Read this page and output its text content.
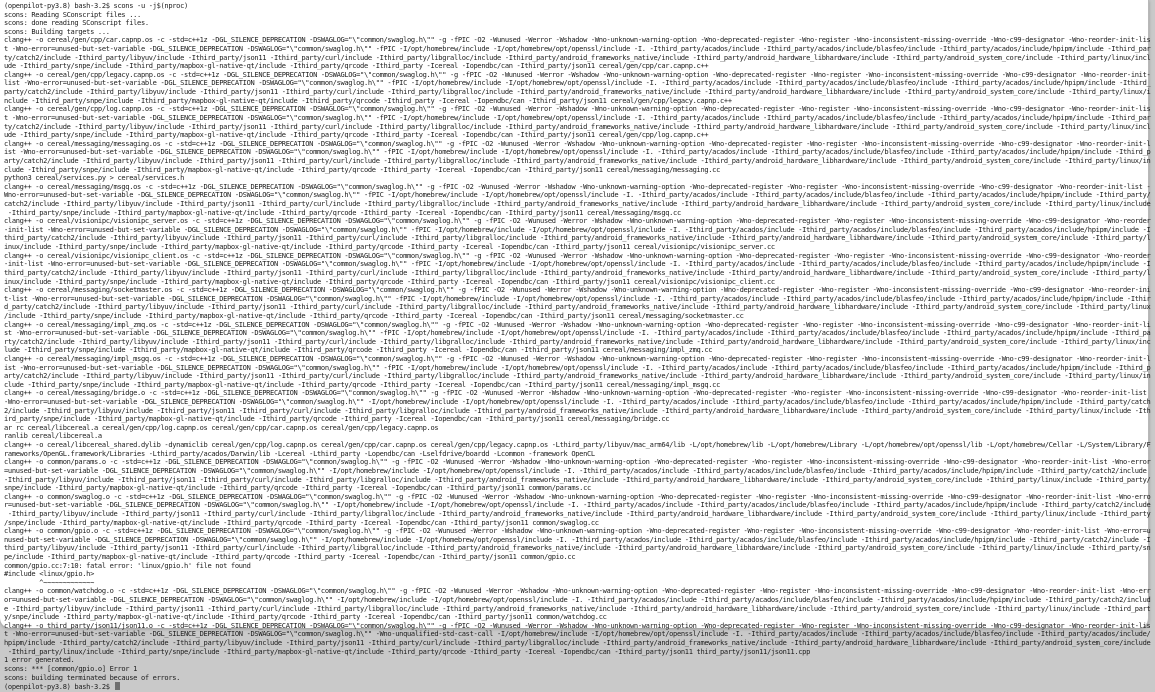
(openpilot-py3.8) bash-3.2$ scons -u -j$(nproc)
scons: Reading SConscript files ...
scons: done reading SConscript files.
scons: Building targets ...
clang++ -o cereal/gen/cpp/car.capnp.os -c -std=c++1z -DGL_SILENCE_DEPRECATION -DSWAGLOG="\"common/swaglog.h\"" -g -fPIC -O2 -Wunused -Werror -Wshadow -Wno-unknown-warning-option -Wno-deprecated-register -Wno-register -Wno-inconsistent-missing-override -Wno-c99-designator -Wno-reorder-init-lis
t -Wno-error=unused-but-set-variable -DGL_SILENCE_DEPRECATION -DSWAGLOG="\"common/swaglog.h\"" -fPIC -I/opt/homebrew/include -I/opt/homebrew/opt/openssl/include -I. -Ithird_party/acados/include -Ithird_party/acados/include/blasfeo/include -Ithird_party/acados/include/hpipm/include -Ithird_par
ty/catch2/include -Ithird_party/libyuv/include -Ithird_party/json11 -Ithird_party/curl/include -Ithird_party/libgralloc/include -Ithird_party/android_frameworks_native/include -Ithird_party/android_hardware_libhardware/include -Ithird_party/android_system_core/include -Ithird_party/linux/incl
ude -Ithird_party/snpe/include -Ithird_party/mapbox-gl-native-qt/include -Ithird_party/qrcode -Ithird_party -Icereal -Iopendbc/can -Ithird_party/json11 cereal/gen/cpp/car.capnp.c++
clang++ -o cereal/gen/cpp/legacy.capnp.os -c -std=c++1z -DGL_SILENCE_DEPRECATION -DSWAGLOG="\"common/swaglog.h\"" -g -fPIC -O2 -Wunused -Werror -Wshadow -Wno-unknown-warning-option -Wno-deprecated-register -Wno-register -Wno-inconsistent-missing-override -Wno-c99-designator -Wno-reorder-init-
list -Wno-error=unused-but-set-variable -DGL_SILENCE_DEPRECATION -DSWAGLOG="\"common/swaglog.h\"" -fPIC -I/opt/homebrew/include -I/opt/homebrew/opt/openssl/include -I. -Ithird_party/acados/include -Ithird_party/acados/include/blasfeo/include -Ithird_party/acados/include/hpipm/include -Ithird_
party/catch2/include -Ithird_party/libyuv/include -Ithird_party/json11 -Ithird_party/curl/include -Ithird_party/libgralloc/include -Ithird_party/android_frameworks_native/include -Ithird_party/android_hardware_libhardware/include -Ithird_party/android_system_core/include -Ithird_party/linux/i
nclude -Ithird_party/snpe/include -Ithird_party/mapbox-gl-native-qt/include -Ithird_party/qrcode -Ithird_party -Icereal -Iopendbc/can -Ithird_party/json11 cereal/gen/cpp/legacy.capnp.c++
clang++ -o cereal/gen/cpp/log.capnp.os -c -std=c++1z -DGL_SILENCE_DEPRECATION -DSWAGLOG="\"common/swaglog.h\"" -g -fPIC -O2 -Wunused -Werror -Wshadow -Wno-unknown-warning-option -Wno-deprecated-register -Wno-register -Wno-inconsistent-missing-override -Wno-c99-designator -Wno-reorder-init-lis
t -Wno-error=unused-but-set-variable -DGL_SILENCE_DEPRECATION -DSWAGLOG="\"common/swaglog.h\"" -fPIC -I/opt/homebrew/include -I/opt/homebrew/opt/openssl/include -I. -Ithird_party/acados/include -Ithird_party/acados/include/blasfeo/include -Ithird_party/acados/include/hpipm/include -Ithird_par
ty/catch2/include -Ithird_party/libyuv/include -Ithird_party/json11 -Ithird_party/curl/include -Ithird_party/libgralloc/include -Ithird_party/android_frameworks_native/include -Ithird_party/android_hardware_libhardware/include -Ithird_party/android_system_core/include -Ithird_party/linux/incl
ude -Ithird_party/snpe/include -Ithird_party/mapbox-gl-native-qt/include -Ithird_party/qrcode -Ithird_party -Icereal -Iopendbc/can -Ithird_party/json11 cereal/gen/cpp/log.capnp.c++
clang++ -o cereal/messaging/messaging.os -c -std=c++1z -DGL_SILENCE_DEPRECATION -DSWAGLOG="\"common/swaglog.h\"" -g -fPIC -O2 -Wunused -Werror -Wshadow -Wno-unknown-warning-option -Wno-deprecated-register -Wno-register -Wno-inconsistent-missing-override -Wno-c99-designator -Wno-reorder-init-l
ist -Wno-error=unused-but-set-variable -DGL_SILENCE_DEPRECATION -DSWAGLOG="\"common/swaglog.h\"" -fPIC -I/opt/homebrew/include -I/opt/homebrew/opt/openssl/include -I. -Ithird_party/acados/include -Ithird_party/acados/include/blasfeo/include -Ithird_party/acados/include/hpipm/include -Ithird_p
arty/catch2/include -Ithird_party/libyuv/include -Ithird_party/json11 -Ithird_party/curl/include -Ithird_party/libgralloc/include -Ithird_party/android_frameworks_native/include -Ithird_party/android_hardware_libhardware/include -Ithird_party/android_system_core/include -Ithird_party/linux/in
clude -Ithird_party/snpe/include -Ithird_party/mapbox-gl-native-qt/include -Ithird_party/qrcode -Ithird_party -Icereal -Iopendbc/can -Ithird_party/json11 cereal/messaging/messaging.cc
python3 cereal/services.py > cereal/services.h
clang++ -o cereal/messaging/msgq.os -c -std=c++1z -DGL_SILENCE_DEPRECATION -DSWAGLOG="\"common/swaglog.h\"" -g -fPIC -O2 -Wunused -Werror -Wshadow -Wno-unknown-warning-option -Wno-deprecated-register -Wno-register -Wno-inconsistent-missing-override -Wno-c99-designator -Wno-reorder-init-list -
Wno-error=unused-but-set-variable -DGL_SILENCE_DEPRECATION -DSWAGLOG="\"common/swaglog.h\"" -fPIC -I/opt/homebrew/include -I/opt/homebrew/opt/openssl/include -I. -Ithird_party/acados/include -Ithird_party/acados/include/blasfeo/include -Ithird_party/acados/include/hpipm/include -Ithird_party/
catch2/include -Ithird_party/libyuv/include -Ithird_party/json11 -Ithird_party/curl/include -Ithird_party/libgralloc/include -Ithird_party/android_frameworks_native/include -Ithird_party/android_hardware_libhardware/include -Ithird_party/android_system_core/include -Ithird_party/linux/include
-Ithird_party/snpe/include -Ithird_party/mapbox-gl-native-qt/include -Ithird_party/qrcode -Ithird_party -Icereal -Iopendbc/can -Ithird_party/json11 cereal/messaging/msgq.cc
clang++ -o cereal/visionipc/visionipc_server.os -c -std=c++1z -DGL_SILENCE_DEPRECATION -DSWAGLOG="\"common/swaglog.h\"" -g -fPIC -O2 -Wunused -Werror -Wshadow -Wno-unknown-warning-option -Wno-deprecated-register -Wno-register -Wno-inconsistent-missing-override -Wno-c99-designator -Wno-reorder
-init-list -Wno-error=unused-but-set-variable -DGL_SILENCE_DEPRECATION -DSWAGLOG="\"common/swaglog.h\"" -fPIC -I/opt/homebrew/include -I/opt/homebrew/opt/openssl/include -I. -Ithird_party/acados/include -Ithird_party/acados/include/blasfeo/include -Ithird_party/acados/include/hpipm/include -I
third_party/catch2/include -Ithird_party/libyuv/include -Ithird_party/json11 -Ithird_party/curl/include -Ithird_party/libgralloc/include -Ithird_party/android_frameworks_native/include -Ithird_party/android_hardware_libhardware/include -Ithird_party/android_system_core/include -Ithird_party/l
inux/include -Ithird_party/snpe/include -Ithird_party/mapbox-gl-native-qt/include -Ithird_party/qrcode -Ithird_party -Icereal -Iopendbc/can -Ithird_party/json11 cereal/visionipc/visionipc_server.cc
clang++ -o cereal/visionipc/visionipc_client.os -c -std=c++1z -DGL_SILENCE_DEPRECATION -DSWAGLOG="\"common/swaglog.h\"" -g -fPIC -O2 -Wunused -Werror -Wshadow -Wno-unknown-warning-option -Wno-deprecated-register -Wno-register -Wno-inconsistent-missing-override -Wno-c99-designator -Wno-reorder
-init-list -Wno-error=unused-but-set-variable -DGL_SILENCE_DEPRECATION -DSWAGLOG="\"common/swaglog.h\"" -fPIC -I/opt/homebrew/include -I/opt/homebrew/opt/openssl/include -I. -Ithird_party/acados/include -Ithird_party/acados/include/blasfeo/include -Ithird_party/acados/include/hpipm/include -I
third_party/catch2/include -Ithird_party/libyuv/include -Ithird_party/json11 -Ithird_party/curl/include -Ithird_party/libgralloc/include -Ithird_party/android_frameworks_native/include -Ithird_party/android_hardware_libhardware/include -Ithird_party/android_system_core/include -Ithird_party/l
inux/include -Ithird_party/snpe/include -Ithird_party/mapbox-gl-native-qt/include -Ithird_party/qrcode -Ithird_party -Icereal -Iopendbc/can -Ithird_party/json11 cereal/visionipc/visionipc_client.cc
clang++ -o cereal/messaging/socketmaster.os -c -std=c++1z -DGL_SILENCE_DEPRECATION -DSWAGLOG="\"common/swaglog.h\"" -g -fPIC -O2 -Wunused -Werror -Wshadow -Wno-unknown-warning-option -Wno-deprecated-register -Wno-register -Wno-inconsistent-missing-override -Wno-c99-designator -Wno-reorder-ini
t-list -Wno-error=unused-but-set-variable -DGL_SILENCE_DEPRECATION -DSWAGLOG="\"common/swaglog.h\"" -fPIC -I/opt/homebrew/include -I/opt/homebrew/opt/openssl/include -I. -Ithird_party/acados/include -Ithird_party/acados/include/blasfeo/include -Ithird_party/acados/include/hpipm/include -Ithir
d_party/catch2/include -Ithird_party/libyuv/include -Ithird_party/json11 -Ithird_party/curl/include -Ithird_party/libgralloc/include -Ithird_party/android_frameworks_native/include -Ithird_party/android_hardware_libhardware/include -Ithird_party/android_system_core/include -Ithird_party/linux
/include -Ithird_party/snpe/include -Ithird_party/mapbox-gl-native-qt/include -Ithird_party/qrcode -Ithird_party -Icereal -Iopendbc/can -Ithird_party/json11 cereal/messaging/socketmaster.cc
clang++ -o cereal/messaging/impl_zmq.os -c -std=c++1z -DGL_SILENCE_DEPRECATION -DSWAGLOG="\"common/swaglog.h\"" -g -fPIC -O2 -Wunused -Werror -Wshadow -Wno-unknown-warning-option -Wno-deprecated-register -Wno-register -Wno-inconsistent-missing-override -Wno-c99-designator -Wno-reorder-init-li
st -Wno-error=unused-but-set-variable -DGL_SILENCE_DEPRECATION -DSWAGLOG="\"common/swaglog.h\"" -fPIC -I/opt/homebrew/include -I/opt/homebrew/opt/openssl/include -I. -Ithird_party/acados/include -Ithird_party/acados/include/blasfeo/include -Ithird_party/acados/include/hpipm/include -Ithird_pa
rty/catch2/include -Ithird_party/libyuv/include -Ithird_party/json11 -Ithird_party/curl/include -Ithird_party/libgralloc/include -Ithird_party/android_frameworks_native/include -Ithird_party/android_hardware_libhardware/include -Ithird_party/android_system_core/include -Ithird_party/linux/inc
lude -Ithird_party/snpe/include -Ithird_party/mapbox-gl-native-qt/include -Ithird_party/qrcode -Ithird_party -Icereal -Iopendbc/can -Ithird_party/json11 cereal/messaging/impl_zmq.cc
clang++ -o cereal/messaging/impl_msgq.os -c -std=c++1z -DGL_SILENCE_DEPRECATION -DSWAGLOG="\"common/swaglog.h\"" -g -fPIC -O2 -Wunused -Werror -Wshadow -Wno-unknown-warning-option -Wno-deprecated-register -Wno-register -Wno-inconsistent-missing-override -Wno-c99-designator -Wno-reorder-init-l
ist -Wno-error=unused-but-set-variable -DGL_SILENCE_DEPRECATION -DSWAGLOG="\"common/swaglog.h\"" -fPIC -I/opt/homebrew/include -I/opt/homebrew/opt/openssl/include -I. -Ithird_party/acados/include -Ithird_party/acados/include/blasfeo/include -Ithird_party/acados/include/hpipm/include -Ithird_p
arty/catch2/include -Ithird_party/libyuv/include -Ithird_party/json11 -Ithird_party/curl/include -Ithird_party/libgralloc/include -Ithird_party/android_frameworks_native/include -Ithird_party/android_hardware_libhardware/include -Ithird_party/android_system_core/include -Ithird_party/linux/in
clude -Ithird_party/snpe/include -Ithird_party/mapbox-gl-native-qt/include -Ithird_party/qrcode -Ithird_party -Icereal -Iopendbc/can -Ithird_party/json11 cereal/messaging/impl_msgq.cc
clang++ -o cereal/messaging/bridge.o -c -std=c++1z -DGL_SILENCE_DEPRECATION -DSWAGLOG="\"common/swaglog.h\"" -g -fPIC -O2 -Wunused -Werror -Wshadow -Wno-unknown-warning-option -Wno-deprecated-register -Wno-register -Wno-inconsistent-missing-override -Wno-c99-designator -Wno-reorder-init-list
-Wno-error=unused-but-set-variable -DGL_SILENCE_DEPRECATION -DSWAGLOG="\"common/swaglog.h\"" -I/opt/homebrew/include -I/opt/homebrew/opt/openssl/include -I. -Ithird_party/acados/include -Ithird_party/acados/include/blasfeo/include -Ithird_party/acados/include/hpipm/include -Ithird_party/catch
2/include -Ithird_party/libyuv/include -Ithird_party/json11 -Ithird_party/curl/include -Ithird_party/libgralloc/include -Ithird_party/android_frameworks_native/include -Ithird_party/android_hardware_libhardware/include -Ithird_party/android_system_core/include -Ithird_party/linux/include -Ith
ird_party/snpe/include -Ithird_party/mapbox-gl-native-qt/include -Ithird_party/qrcode -Ithird_party -Icereal -Iopendbc/can -Ithird_party/json11 cereal/messaging/bridge.cc
ar rc cereal/libcereal.a cereal/gen/cpp/log.capnp.os cereal/gen/cpp/car.capnp.os cereal/gen/cpp/legacy.capnp.os
ranlib cereal/libcereal.a
clang++ -o cereal/libcereal_shared.dylib -dynamiclib cereal/gen/cpp/log.capnp.os cereal/gen/cpp/car.capnp.os cereal/gen/cpp/legacy.capnp.os -Lthird_party/libyuv/mac_arm64/lib -L/opt/homebrew/lib -L/opt/homebrew/Library -L/opt/homebrew/opt/openssl/lib -L/opt/homebrew/Cellar -L/System/Library/F
rameworks/OpenGL.framework/Libraries -Lthird_party/acados/Darwin/lib -Lcereal -Lthird_party -Lopendbc/can -Lselfdrive/boardd -Lcommon -framework OpenCL
clang++ -o common/params.o -c -std=c++1z -DGL_SILENCE_DEPRECATION -DSWAGLOG="\"common/swaglog.h\"" -g -fPIC -O2 -Wunused -Werror -Wshadow -Wno-unknown-warning-option -Wno-deprecated-register -Wno-register -Wno-inconsistent-missing-override -Wno-c99-designator -Wno-reorder-init-list -Wno-error
=unused-but-set-variable -DGL_SILENCE_DEPRECATION -DSWAGLOG="\"common/swaglog.h\"" -I/opt/homebrew/include -I/opt/homebrew/opt/openssl/include -I. -Ithird_party/acados/include -Ithird_party/acados/include/blasfeo/include -Ithird_party/acados/include/hpipm/include -Ithird_party/catch2/include
-Ithird_party/libyuv/include -Ithird_party/json11 -Ithird_party/curl/include -Ithird_party/libgralloc/include -Ithird_party/android_frameworks_native/include -Ithird_party/android_hardware_libhardware/include -Ithird_party/android_system_core/include -Ithird_party/linux/include -Ithird_party/
snpe/include -Ithird_party/mapbox-gl-native-qt/include -Ithird_party/qrcode -Ithird_party -Icereal -Iopendbc/can -Ithird_party/json11 common/params.cc
clang++ -o common/swaglog.o -c -std=c++1z -DGL_SILENCE_DEPRECATION -DSWAGLOG="\"common/swaglog.h\"" -g -fPIC -O2 -Wunused -Werror -Wshadow -Wno-unknown-warning-option -Wno-deprecated-register -Wno-register -Wno-inconsistent-missing-override -Wno-c99-designator -Wno-reorder-init-list -Wno-erro
r=unused-but-set-variable -DGL_SILENCE_DEPRECATION -DSWAGLOG="\"common/swaglog.h\"" -I/opt/homebrew/include -I/opt/homebrew/opt/openssl/include -I. -Ithird_party/acados/include -Ithird_party/acados/include/blasfeo/include -Ithird_party/acados/include/hpipm/include -Ithird_party/catch2/include
-Ithird_party/libyuv/include -Ithird_party/json11 -Ithird_party/curl/include -Ithird_party/libgralloc/include -Ithird_party/android_frameworks_native/include -Ithird_party/android_hardware_libhardware/include -Ithird_party/android_system_core/include -Ithird_party/linux/include -Ithird_party
/snpe/include -Ithird_party/mapbox-gl-native-qt/include -Ithird_party/qrcode -Ithird_party -Icereal -Iopendbc/can -Ithird_party/json11 common/swaglog.cc
clang++ -o common/gpio.o -c -std=c++1z -DGL_SILENCE_DEPRECATION -DSWAGLOG="\"common/swaglog.h\"" -g -fPIC -O2 -Wunused -Werror -Wshadow -Wno-unknown-warning-option -Wno-deprecated-register -Wno-register -Wno-inconsistent-missing-override -Wno-c99-designator -Wno-reorder-init-list -Wno-error=u
nused-but-set-variable -DGL_SILENCE_DEPRECATION -DSWAGLOG="\"common/swaglog.h\"" -I/opt/homebrew/include -I/opt/homebrew/opt/openssl/include -I. -Ithird_party/acados/include -Ithird_party/acados/include/blasfeo/include -Ithird_party/acados/include/hpipm/include -Ithird_party/catch2/include -I
third_party/libyuv/include -Ithird_party/json11 -Ithird_party/curl/include -Ithird_party/libgralloc/include -Ithird_party/android_frameworks_native/include -Ithird_party/android_hardware_libhardware/include -Ithird_party/android_system_core/include -Ithird_party/linux/include -Ithird_party/sn
pe/include -Ithird_party/mapbox-gl-native-qt/include -Ithird_party/qrcode -Ithird_party -Icereal -Iopendbc/can -Ithird_party/json11 common/gpio.cc
common/gpio.cc:7:10: fatal error: 'linux/gpio.h' file not found
#include <linux/gpio.h>
^~~~~~~~~~~~~~
clang++ -o common/watchdog.o -c -std=c++1z -DGL_SILENCE_DEPRECATION -DSWAGLOG="\"common/swaglog.h\"" -g -fPIC -O2 -Wunused -Werror -Wshadow -Wno-unknown-warning-option -Wno-deprecated-register -Wno-register -Wno-inconsistent-missing-override -Wno-c99-designator -Wno-reorder-init-list -Wno-err
or=unused-but-set-variable -DGL_SILENCE_DEPRECATION -DSWAGLOG="\"common/swaglog.h\"" -I/opt/homebrew/include -I/opt/homebrew/opt/openssl/include -I. -Ithird_party/acados/include -Ithird_party/acados/include/blasfeo/include -Ithird_party/acados/include/hpipm/include -Ithird_party/catch2/includ
e -Ithird_party/libyuv/include -Ithird_party/json11 -Ithird_party/curl/include -Ithird_party/libgralloc/include -Ithird_party/android_frameworks_native/include -Ithird_party/android_hardware_libhardware/include -Ithird_party/android_system_core/include -Ithird_party/linux/include -Ithird_part
y/snpe/include -Ithird_party/mapbox-gl-native-qt/include -Ithird_party/qrcode -Ithird_party -Icereal -Iopendbc/can -Ithird_party/json11 common/watchdog.cc
clang++ -o third_party/json11/json11.o -c -std=c++1z -DGL_SILENCE_DEPRECATION -DSWAGLOG="\"common/swaglog.h\"" -g -fPIC -O2 -Wunused -Werror -Wshadow -Wno-unknown-warning-option -Wno-deprecated-register -Wno-register -Wno-inconsistent-missing-override -Wno-c99-designator -Wno-reorder-init-lis
t -Wno-error=unused-but-set-variable -DGL_SILENCE_DEPRECATION -DSWAGLOG="\"common/swaglog.h\"" -Wno-unqualified-std-cast-call -I/opt/homebrew/include -I/opt/homebrew/opt/openssl/include -I. -Ithird_party/acados/include -Ithird_party/acados/include/blasfeo/include -Ithird_party/acados/include/
hpipm/include -Ithird_party/catch2/include -Ithird_party/libyuv/include -Ithird_party/json11 -Ithird_party/curl/include -Ithird_party/libgralloc/include -Ithird_party/android_frameworks_native/include -Ithird_party/android_hardware_libhardware/include -Ithird_party/android_system_core/include
-Ithird_party/linux/include -Ithird_party/snpe/include -Ithird_party/mapbox-gl-native-qt/include -Ithird_party/qrcode -Ithird_party -Icereal -Iopendbc/can -Ithird_party/json11 third_party/json11/json11.cpp
1 error generated.
scons: *** [common/gpio.o] Error 1
scons: building terminated because of errors.
(openpilot-py3.8) bash-3.2$
